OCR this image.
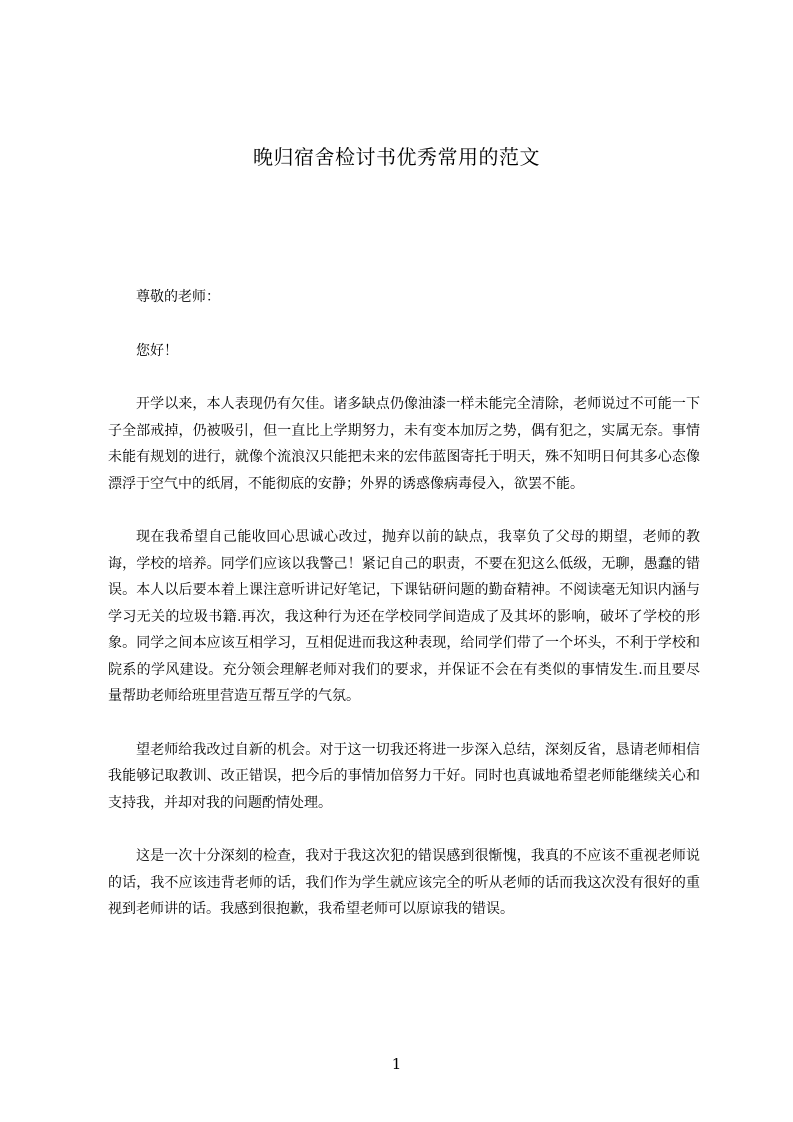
晚归宿舍检讨书优秀常用的范文

尊敬的老师：

您好！

开学以来，本人表现仍有欠佳。诸多缺点仍像油漆一样未能完全清除，老师说过不可能一下子全部戒掉，仍被吸引，但一直比上学期努力，未有变本加厉之势，偶有犯之，实属无奈。事情未能有规划的进行，就像个流浪汉只能把未来的宏伟蓝图寄托于明天，殊不知明日何其多心态像漂浮于空气中的纸屑，不能彻底的安静；外界的诱惑像病毒侵入，欲罢不能。

现在我希望自己能收回心思诚心改过，抛弃以前的缺点，我辜负了父母的期望，老师的教诲，学校的培养。同学们应该以我警己！紧记自己的职责，不要在犯这么低级，无聊，愚蠢的错误。本人以后要本着上课注意听讲记好笔记，下课钻研问题的勤奋精神。不阅读毫无知识内涵与学习无关的垃圾书籍.再次，我这种行为还在学校同学间造成了及其坏的影响，破坏了学校的形象。同学之间本应该互相学习，互相促进而我这种表现，给同学们带了一个坏头，不利于学校和院系的学风建设。充分领会理解老师对我们的要求，并保证不会在有类似的事情发生.而且要尽量帮助老师给班里营造互帮互学的气氛。

望老师给我改过自新的机会。对于这一切我还将进一步深入总结，深刻反省，恳请老师相信我能够记取教训、改正错误，把今后的事情加倍努力干好。同时也真诚地希望老师能继续关心和支持我，并却对我的问题酌情处理。

这是一次十分深刻的检查，我对于我这次犯的错误感到很惭愧，我真的不应该不重视老师说的话，我不应该违背老师的话，我们作为学生就应该完全的听从老师的话而我这次没有很好的重视到老师讲的话。我感到很抱歉，我希望老师可以原谅我的错误。

1
